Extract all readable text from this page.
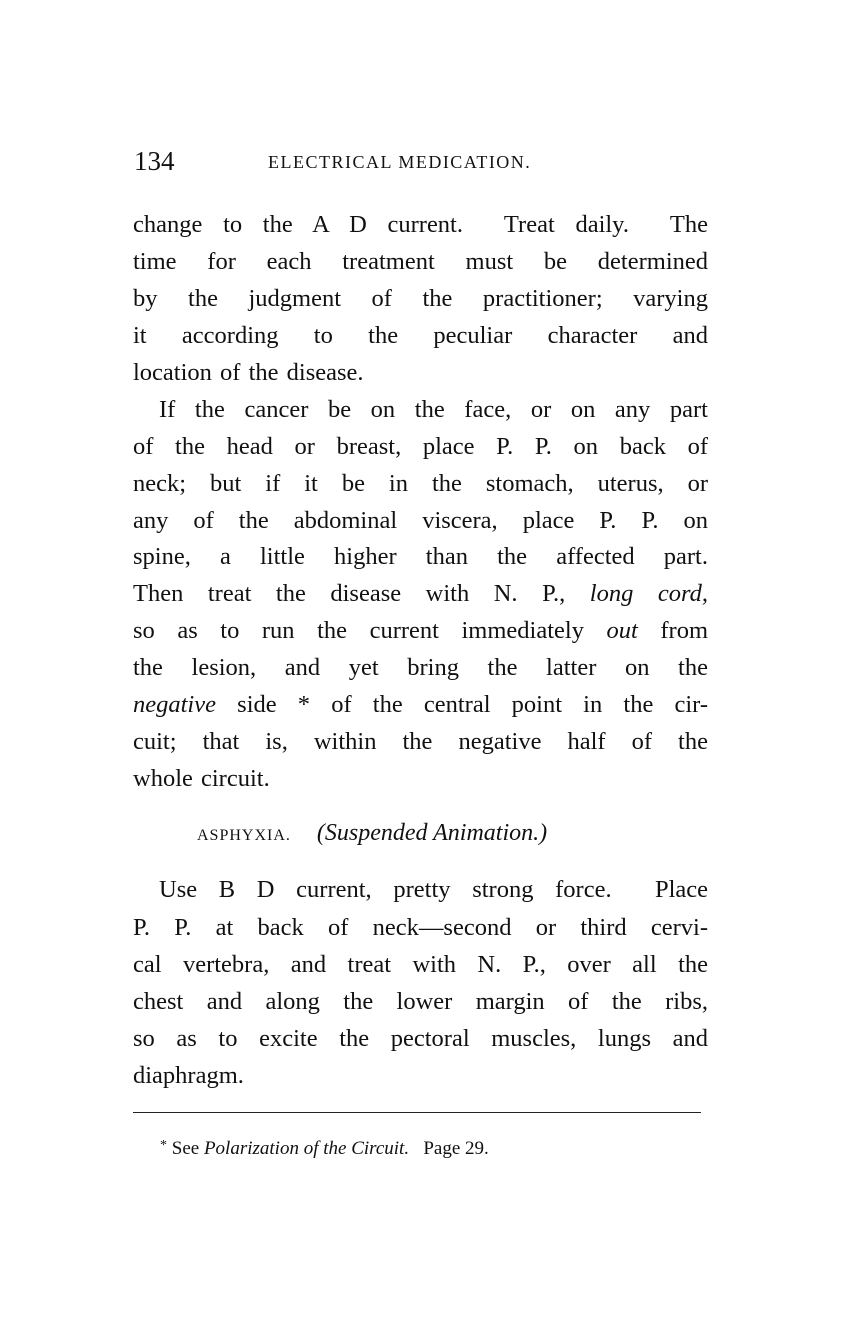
134	ELECTRICAL MEDICATION.
change to the A D current.  Treat daily.  The
time for each treatment must be determined
by the judgment of the practitioner; varying
it according to the peculiar character and
location of the disease.
If the cancer be on the face, or on any part
of the head or breast, place P. P. on back of
neck; but if it be in the stomach, uterus, or
any of the abdominal viscera, place P. P. on
spine, a little higher than the affected part.
Then treat the disease with N. P., long cord,
so as to run the current immediately out from
the lesion, and yet bring the latter on the
negative side * of the central point in the cir-
cuit; that is, within the negative half of the
whole circuit.
Use B D current, pretty strong force.  Place
P. P. at back of neck—second or third cervi-
cal vertebra, and treat with N. P., over all the
chest and along the lower margin of the ribs,
so as to excite the pectoral muscles, lungs and
diaphragm.
ASPHYXIA. (Suspended Animation.)
* See Polarization of the Circuit. Page 29.
